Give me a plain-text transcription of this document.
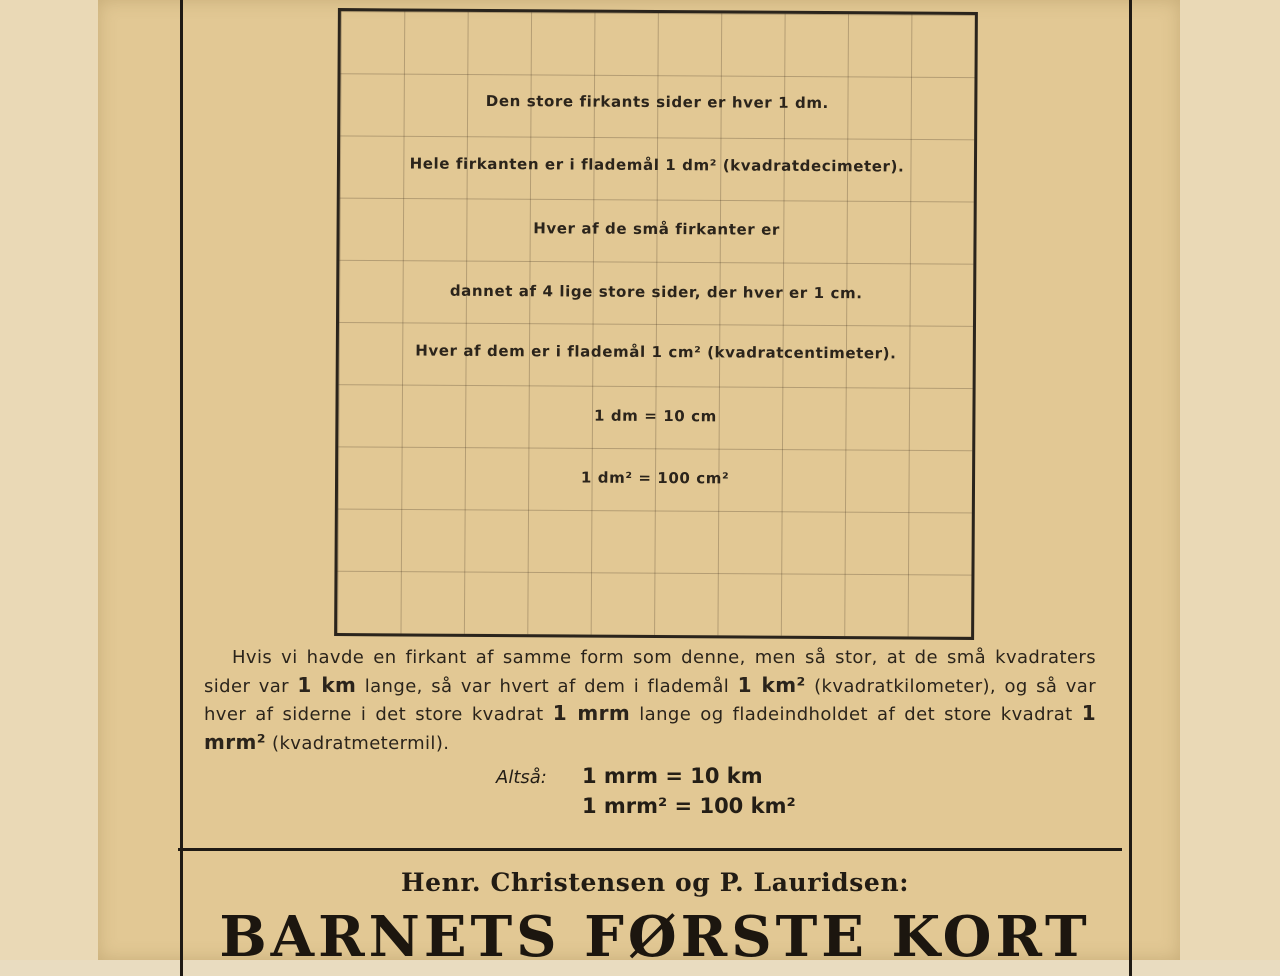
Den store firkants sider er hver 1 dm.
Hele firkanten er i flademål 1 dm² (kvadratdecimeter).
Hver af de små firkanter er
dannet af 4 lige store sider, der hver er 1 cm.
Hver af dem er i flademål 1 cm² (kvadratcentimeter).
1 dm = 10 cm
1 dm² = 100 cm²

Hvis vi havde en firkant af samme form som denne, men så stor, at de små kvadraters sider var 1 km lange, så var hvert af dem i flademål 1 km² (kvadratkilometer), og så var hver af siderne i det store kvadrat 1 mrm lange og fladeindholdet af det store kvadrat 1 mrm² (kvadratmetermil).

Altså: 1 mrm = 10 km
1 mrm² = 100 km²
Henr. Christensen og P. Lauridsen:
BARNETS FØRSTE KORT
